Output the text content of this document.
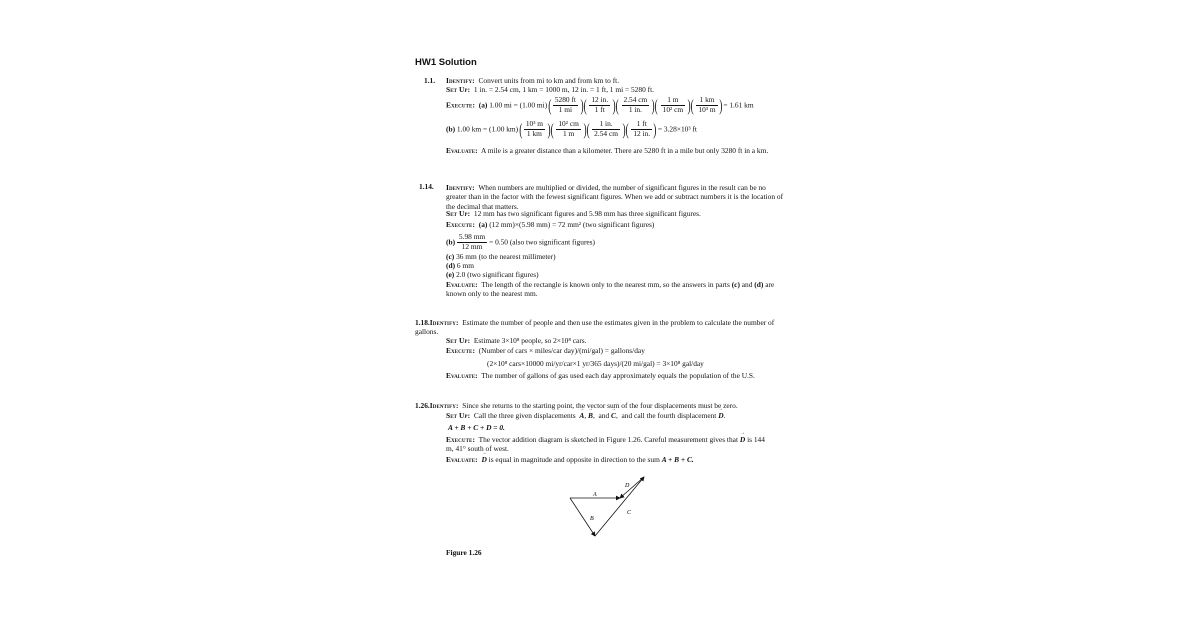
HW1 Solution
1.1. Identify: Convert units from mi to km and from km to ft.
Set Up: 1 in. = 2.54 cm, 1 km = 1000 m, 12 in. = 1 ft, 1 mi = 5280 ft.
Execute: (a) 1.00 mi = (1.00 $mi)( \frac{5280 ft}{1 mi}$ )( $\frac{12 in.}{1 ft}$ )( $\frac{2.54 cm}{1 in.}$ )( $\frac{1 m}{\text{10² cm}}$ )( $\frac{1 km}{\text{10³ m}}$ )= 1.61 km
(b) 1.00 km = (1.00 $km)( \frac{\text{10³ m}}{1 km}$ )( $\frac{\text{10² cm}}{1 m}$ )( $\frac{1 in.}{2.54 cm}$ )( $\frac{1 ft}{12 in.}$ )= 3.28×10³ ft
Evaluate: A mile is a greater distance than a kilometer. There are 5280 ft in a mile but only 3280 ft in a km.
1.14. Identify: When numbers are multiplied or divided, the number of significant figures in the result can be no greater than in the factor with the fewest significant figures. When we add or subtract numbers it is the location of the decimal that matters.
Set Up: 12 mm has two significant figures and 5.98 mm has three significant figures.
Execute: (a) (12 mm)×(5.98 mm) = 72 mm² (two significant figures)
$(b) \frac{5.98 mm}{12 mm} = 0.50$ (also two significant figures)
(c) 36 mm (to the nearest millimeter)
(d) 6 mm
(e) 2.0 (two significant figures)
Evaluate: The length of the rectangle is known only to the nearest mm, so the answers in parts (c) and (d) are known only to the nearest mm.
1.18.Identify: Estimate the number of people and then use the estimates given in the problem to calculate the number of gallons.
Set Up: Estimate 3×10⁸ people, so 2×10⁸ cars.
Execute: (Number of cars × miles/car day)/(mi/gal) = gallons/day
(2×10⁸ cars×10000 mi/yr/car×1 yr/365 days)/(20 mi/gal) = 3×10⁸ gal/day
Evaluate: The number of gallons of gas used each day approximately equals the population of the U.S.
1.26.Identify: Since she returns to the starting point, the vector sum of the four displacements must be zero.
Set Up: Call the three given displacements → A, → B,  and → C,  and call the fourth displacement → D.
A + B + C + D = 0.
Execute: The vector addition diagram is sketched in Figure 1.26. Careful measurement gives that → D is 144 m, 41° south of west.
Evaluate: → D is equal in magnitude and opposite in direction to the sum A + B + C.
A
B
C
D
Figure 1.26
